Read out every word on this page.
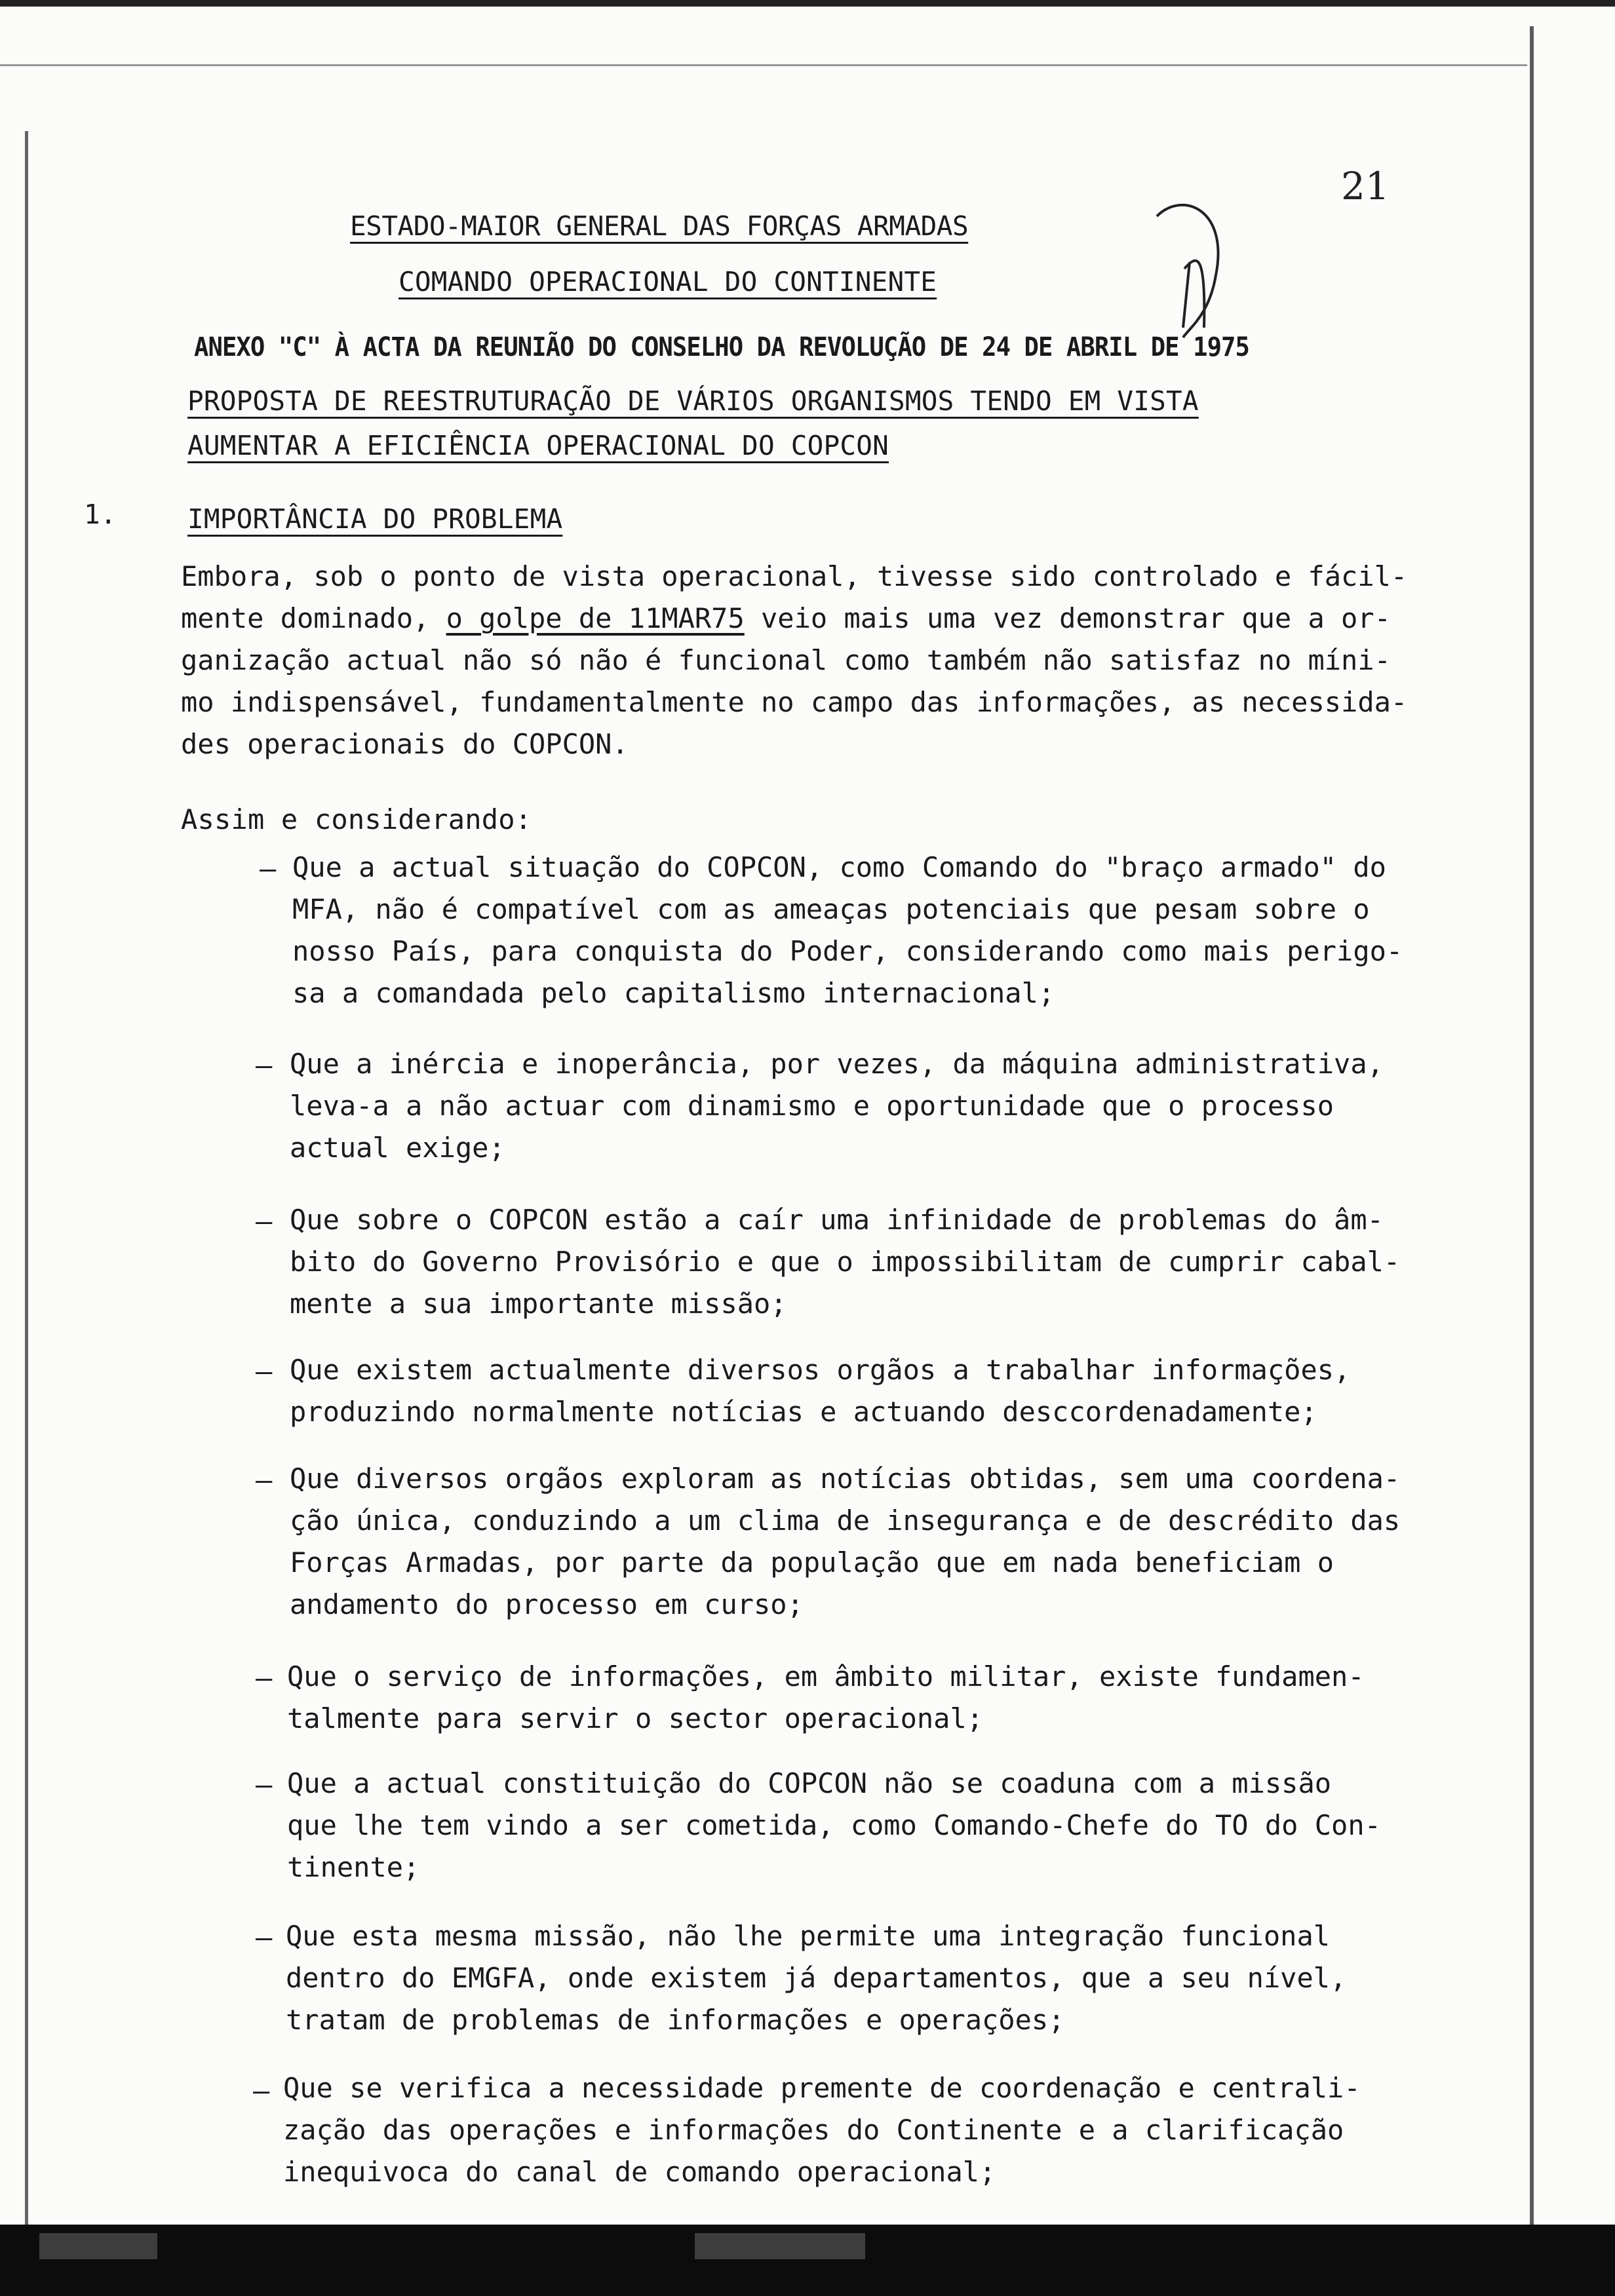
21
ESTADO-MAIOR GENERAL DAS FORÇAS ARMADAS
COMANDO OPERACIONAL DO CONTINENTE
ANEXO "C" À ACTA DA REUNIÃO DO CONSELHO DA REVOLUÇÃO DE 24 DE ABRIL DE 1975
PROPOSTA DE REESTRUTURAÇÃO DE VÁRIOS ORGANISMOS TENDO EM VISTA
AUMENTAR A EFICIÊNCIA OPERACIONAL DO COPCON
1.	IMPORTÂNCIA DO PROBLEMA
Embora, sob o ponto de vista operacional, tivesse sido controlado e fácil-
mente dominado, o golpe de 11MAR75 veio mais uma vez demonstrar que a or-
ganização actual não só não é funcional como também não satisfaz no míni-
mo indispensável, fundamentalmente no campo das informações, as necessida-
des operacionais do COPCON.
Assim e considerando:
– Que a actual situação do COPCON, como Comando do "braço armado" do
MFA, não é compatível com as ameaças potenciais que pesam sobre o
nosso País, para conquista do Poder, considerando como mais perigo-
sa a comandada pelo capitalismo internacional;
– Que a inércia e inoperância, por vezes, da máquina administrativa,
leva-a a não actuar com dinamismo e oportunidade que o processo
actual exige;
– Que sobre o COPCON estão a caír uma infinidade de problemas do âm-
bito do Governo Provisório e que o impossibilitam de cumprir cabal-
mente a sua importante missão;
– Que existem actualmente diversos orgãos a trabalhar informações,
produzindo normalmente notícias e actuando desccordenadamente;
– Que diversos orgãos exploram as notícias obtidas, sem uma coordena-
ção única, conduzindo a um clima de insegurança e de descrédito das
Forças Armadas, por parte da população que em nada beneficiam o
andamento do processo em curso;
– Que o serviço de informações, em âmbito militar, existe fundamen-
talmente para servir o sector operacional;
– Que a actual constituição do COPCON não se coaduna com a missão
que lhe tem vindo a ser cometida, como Comando-Chefe do TO do Con-
tinente;
– Que esta mesma missão, não lhe permite uma integração funcional
dentro do EMGFA, onde existem já departamentos, que a seu nível,
tratam de problemas de informações e operações;
– Que se verifica a necessidade premente de coordenação e centrali-
zação das operações e informações do Continente e a clarificação
inequivoca do canal de comando operacional;
